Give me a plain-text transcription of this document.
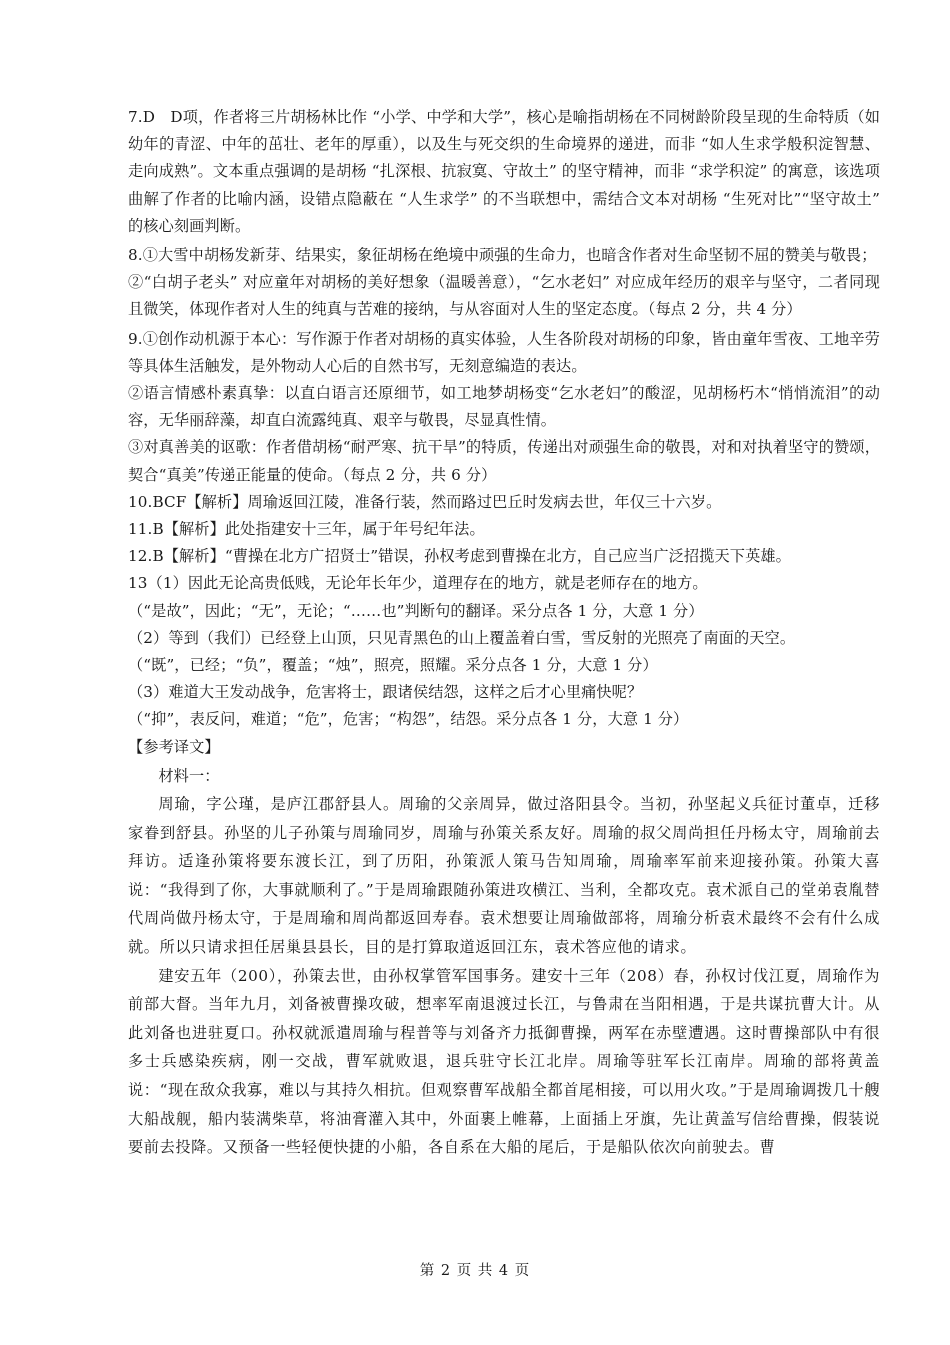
7.D　D项，作者将三片胡杨林比作 “小学、中学和大学”，核心是喻指胡杨在不同树龄阶段呈现的生命特质（如幼年的青涩、中年的茁壮、老年的厚重），以及生与死交织的生命境界的递进，而非 “如人生求学般积淀智慧、走向成熟”。文本重点强调的是胡杨 “扎深根、抗寂寞、守故土” 的坚守精神，而非 “求学积淀” 的寓意，该选项曲解了作者的比喻内涵，设错点隐蔽在 “人生求学” 的不当联想中，需结合文本对胡杨 “生死对比”“坚守故土” 的核心刻画判断。

8.①大雪中胡杨发新芽、结果实，象征胡杨在绝境中顽强的生命力，也暗含作者对生命坚韧不屈的赞美与敬畏；

②“白胡子老头” 对应童年对胡杨的美好想象（温暖善意），“乞水老妇” 对应成年经历的艰辛与坚守，二者同现且微笑，体现作者对人生的纯真与苦难的接纳，与从容面对人生的坚定态度。（每点 2 分，共 4 分）

9.①创作动机源于本心：写作源于作者对胡杨的真实体验，人生各阶段对胡杨的印象，皆由童年雪夜、工地辛劳等具体生活触发，是外物动人心后的自然书写，无刻意编造的表达。

②语言情感朴素真挚：以直白语言还原细节，如工地梦胡杨变“乞水老妇”的酸涩，见胡杨朽木“悄悄流泪”的动容，无华丽辞藻，却直白流露纯真、艰辛与敬畏，尽显真性情。

③对真善美的讴歌：作者借胡杨“耐严寒、抗干旱”的特质，传递出对顽强生命的敬畏，对和对执着坚守的赞颂，契合“真美”传递正能量的使命。（每点 2 分，共 6 分）

10.BCF【解析】周瑜返回江陵，准备行装，然而路过巴丘时发病去世，年仅三十六岁。

11.B【解析】此处指建安十三年，属于年号纪年法。

12.B【解析】“曹操在北方广招贤士”错误，孙权考虑到曹操在北方，自己应当广泛招揽天下英雄。

13（1）因此无论高贵低贱，无论年长年少，道理存在的地方，就是老师存在的地方。

（“是故”，因此；“无”，无论；“……也”判断句的翻译。采分点各 1 分，大意 1 分）

（2）等到（我们）已经登上山顶，只见青黑色的山上覆盖着白雪，雪反射的光照亮了南面的天空。

（“既”，已经；“负”，覆盖；“烛”，照亮，照耀。采分点各 1 分，大意 1 分）

（3）难道大王发动战争，危害将士，跟诸侯结怨，这样之后才心里痛快呢？

（“抑”，表反问，难道；“危”，危害；“构怨”，结怨。采分点各 1 分，大意 1 分）

【参考译文】

材料一：

周瑜，字公瑾，是庐江郡舒县人。周瑜的父亲周异，做过洛阳县令。当初，孙坚起义兵征讨董卓，迁移家眷到舒县。孙坚的儿子孙策与周瑜同岁，周瑜与孙策关系友好。周瑜的叔父周尚担任丹杨太守，周瑜前去拜访。适逢孙策将要东渡长江，到了历阳，孙策派人策马告知周瑜，周瑜率军前来迎接孙策。孙策大喜说：“我得到了你，大事就顺利了。”于是周瑜跟随孙策进攻横江、当利，全都攻克。袁术派自己的堂弟袁胤替代周尚做丹杨太守，于是周瑜和周尚都返回寿春。袁术想要让周瑜做部将，周瑜分析袁术最终不会有什么成就。所以只请求担任居巢县县长，目的是打算取道返回江东，袁术答应他的请求。

建安五年（200），孙策去世，由孙权掌管军国事务。建安十三年（208）春，孙权讨伐江夏，周瑜作为前部大督。当年九月，刘备被曹操攻破，想率军南退渡过长江，与鲁肃在当阳相遇，于是共谋抗曹大计。从此刘备也进驻夏口。孙权就派遣周瑜与程普等与刘备齐力抵御曹操，两军在赤壁遭遇。这时曹操部队中有很多士兵感染疾病，刚一交战，曹军就败退，退兵驻守长江北岸。周瑜等驻军长江南岸。周瑜的部将黄盖说：“现在敌众我寡，难以与其持久相抗。但观察曹军战船全都首尾相接，可以用火攻。”于是周瑜调拨几十艘大船战舰，船内装满柴草，将油膏灌入其中，外面裹上帷幕，上面插上牙旗，先让黄盖写信给曹操，假装说要前去投降。又预备一些轻便快捷的小船，各自系在大船的尾后，于是船队依次向前驶去。曹

第 2 页 共 4 页
